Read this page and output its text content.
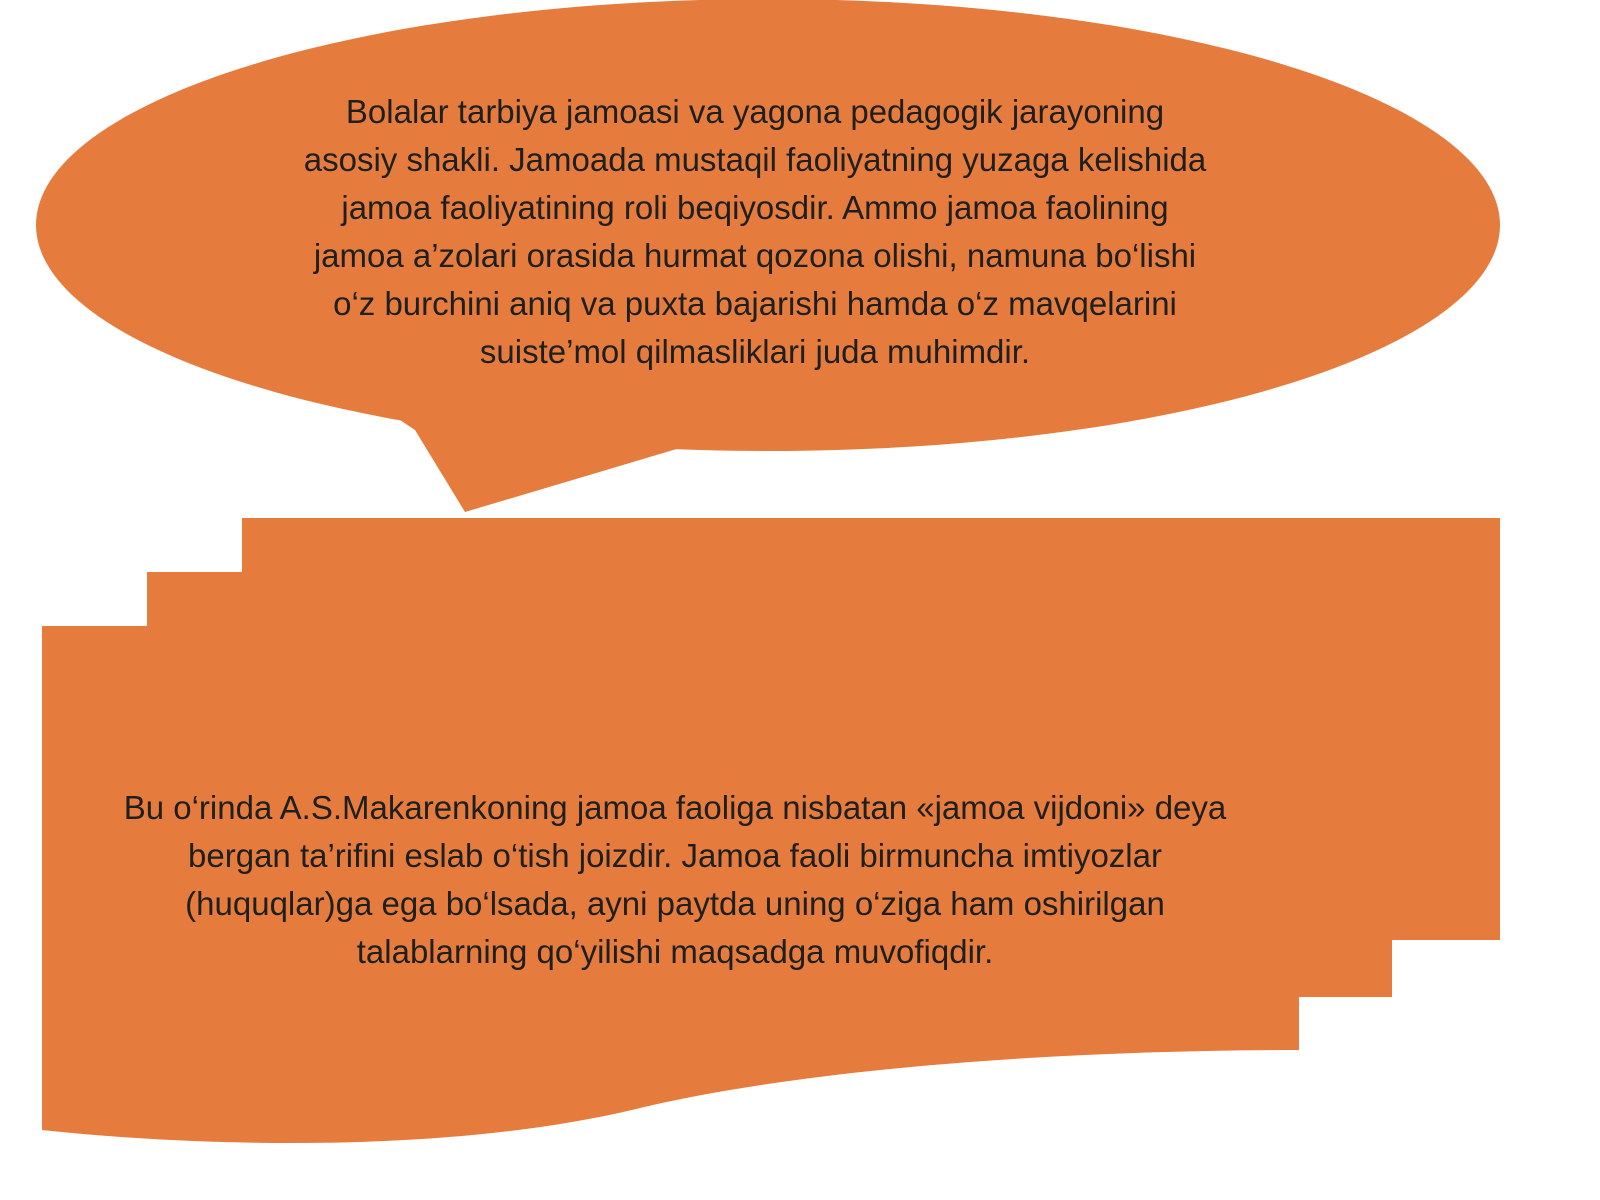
Bolalar tarbiya jamoasi va yagona pedagogik jarayoning
asosiy shakli. Jamoada mustaqil faoliyatning yuzaga kelishida
jamoa faoliyatining roli beqiyosdir. Ammo jamoa faolining
jamoa a’zolari orasida hurmat qozona olishi, namuna bo‘lishi
o‘z burchini aniq va puxta bajarishi hamda o‘z mavqelarini
suiste’mol qilmasliklari juda muhimdir.

Bu o‘rinda A.S.Makarenkoning jamoa faoliga nisbatan «jamoa vijdoni» deya
bergan ta’rifini eslab o‘tish joizdir. Jamoa faoli birmuncha imtiyozlar
(huquqlar)ga ega bo‘lsada, ayni paytda uning o‘ziga ham oshirilgan
talablarning qo‘yilishi maqsadga muvofiqdir.
